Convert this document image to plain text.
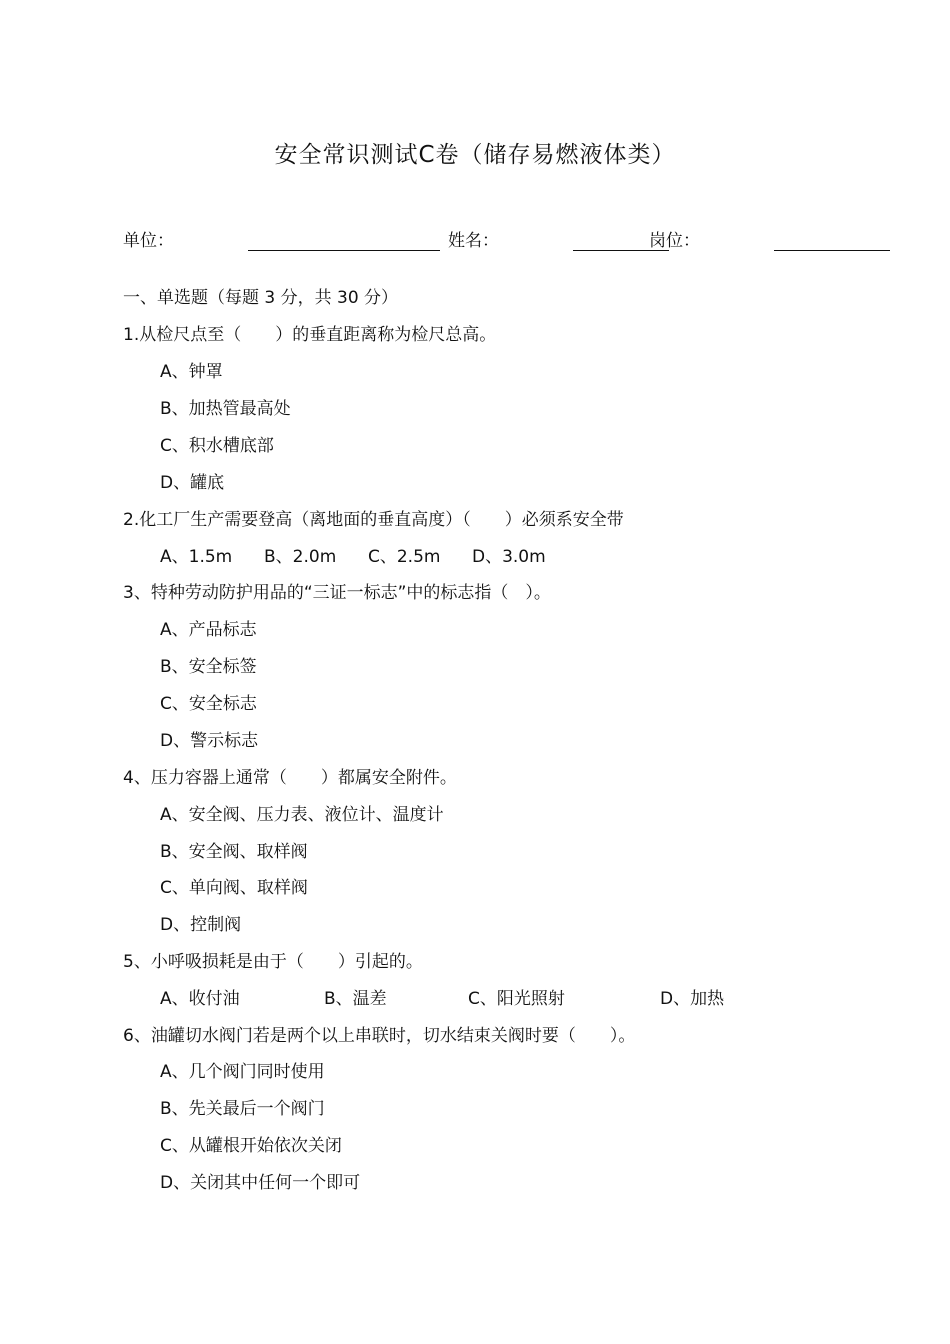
安全常识测试C卷（储存易燃液体类）
单位：	姓名：	岗位：
一、单选题（每题 3 分，共 30 分）
1.从检尺点至（　　）的垂直距离称为检尺总高。
A、钟罩
B、加热管最高处
C、积水槽底部
D、罐底
2.化工厂生产需要登高（离地面的垂直高度）（　　）必须系安全带
A、1.5m B、2.0m C、2.5m D、3.0m
3、特种劳动防护用品的“三证一标志”中的标志指（　）。
A、产品标志
B、安全标签
C、安全标志
D、警示标志
4、压力容器上通常（　　）都属安全附件。
A、安全阀、压力表、液位计、温度计
B、安全阀、取样阀
C、单向阀、取样阀
D、控制阀
5、小呼吸损耗是由于（　　）引起的。
A、收付油	B、温差	C、阳光照射	D、加热
6、油罐切水阀门若是两个以上串联时，切水结束关阀时要（　　）。
A、几个阀门同时使用
B、先关最后一个阀门
C、从罐根开始依次关闭
D、关闭其中任何一个即可
